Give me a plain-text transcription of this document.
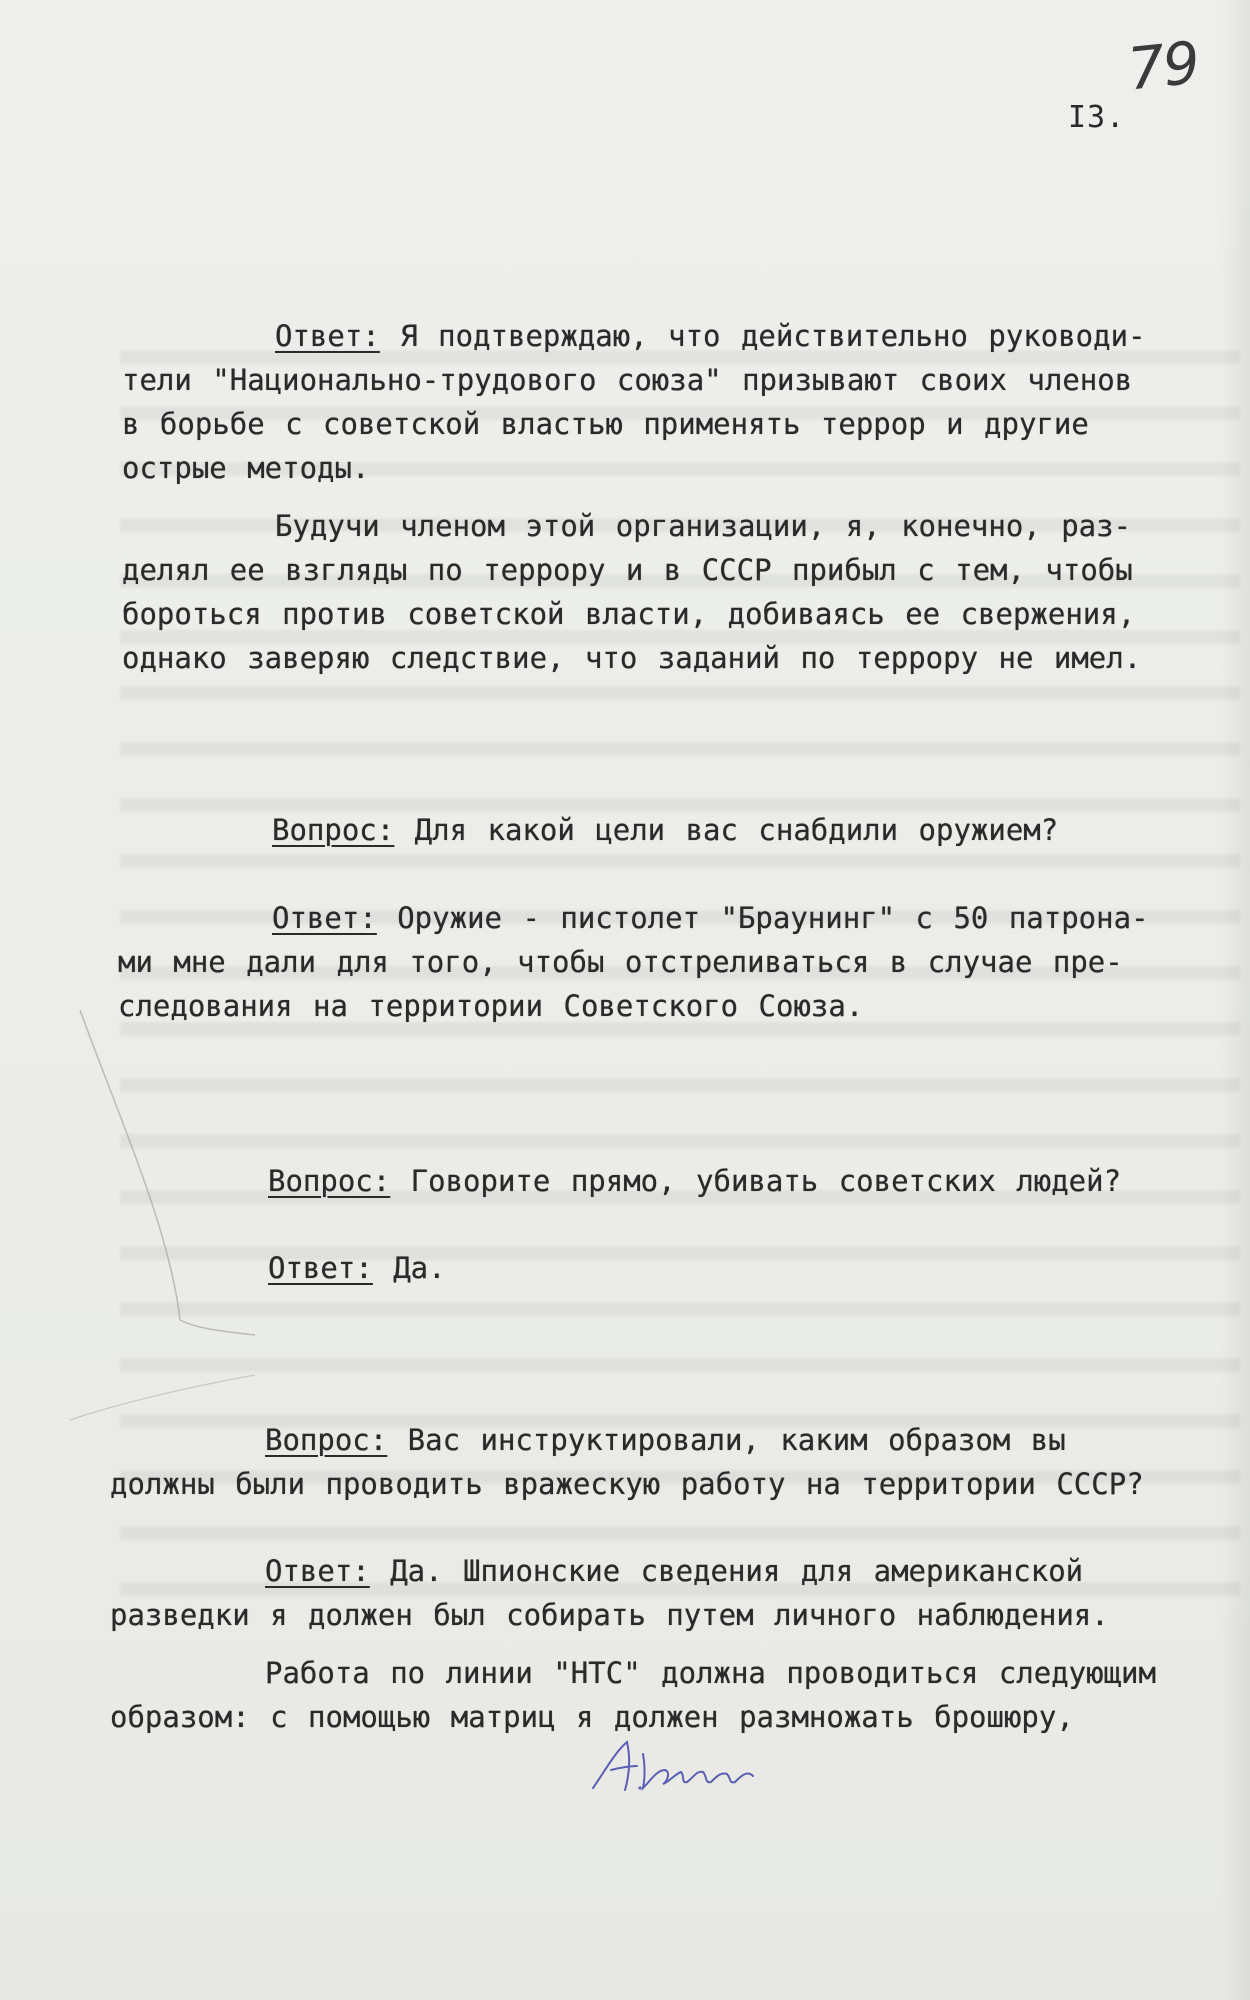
79
I3.
Ответ: Я подтверждаю, что действительно руководи-
тели "Национально-трудового союза" призывают своих членов
в борьбе с советской властью применять террор и другие
острые методы.
Будучи членом этой организации, я, конечно, раз-
делял ее взгляды по террору и в СССР прибыл с тем, чтобы
бороться против советской власти, добиваясь ее свержения,
однако заверяю следствие, что заданий по террору не имел.
Вопрос: Для какой цели вас снабдили оружием?
Ответ: Оружие - пистолет "Браунинг" с 50 патрона-
ми мне дали для того, чтобы отстреливаться в случае пре-
следования на территории Советского Союза.
Вопрос: Говорите прямо, убивать советских людей?
Ответ: Да.
Вопрос: Вас инструктировали, каким образом вы
должны были проводить вражескую работу на территории СССР?
Ответ: Да. Шпионские сведения для американской
разведки я должен был собирать путем личного наблюдения.
Работа по линии "НТС" должна проводиться следующим
образом: с помощью матриц я должен размножать брошюру,
